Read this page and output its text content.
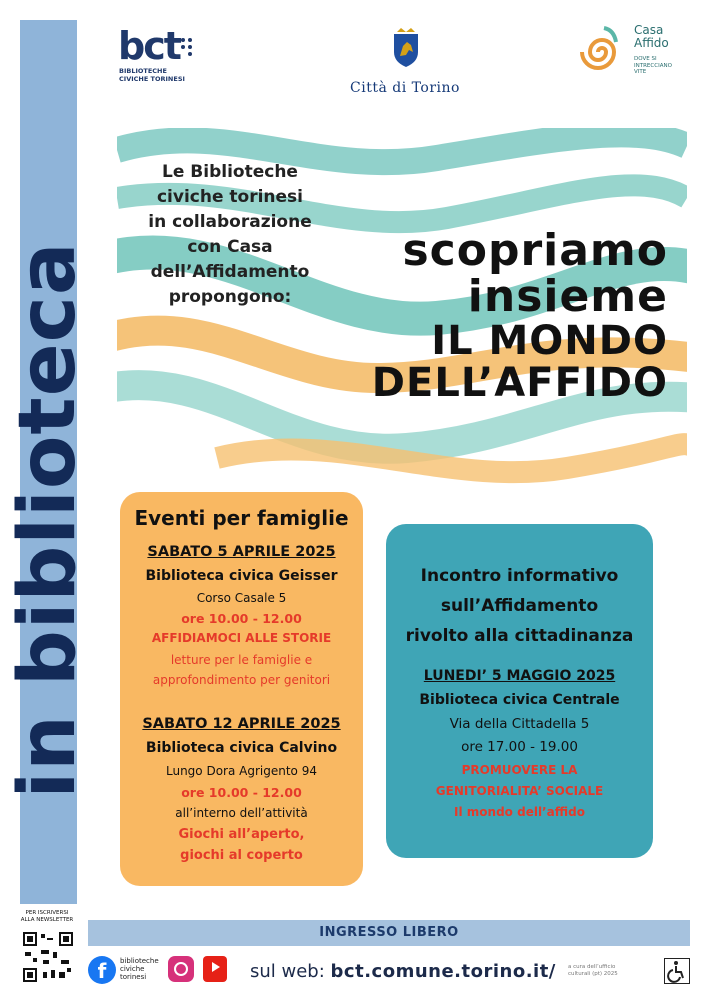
in biblioteca
bct
BIBLIOTECHE
CIVICHE TORINESI
Città di Torino
Casa
Affido
DOVE SI
INTRECCIANO
VITE
Le Biblioteche
civiche torinesi
in collaborazione
con Casa
dell’Affidamento
propongono:
scopriamo
insieme
IL MONDO
DELL’AFFIDO
Eventi per famiglie
SABATO 5 APRILE 2025
Biblioteca civica Geisser
Corso Casale 5
ore 10.00 - 12.00
AFFIDIAMOCI ALLE STORIE
letture per le famiglie e
approfondimento per genitori
SABATO 12 APRILE 2025
Biblioteca civica Calvino
Lungo Dora Agrigento 94
ore 10.00 - 12.00
all’interno dell’attività
Giochi all’aperto,
giochi al coperto
Incontro informativo
sull’Affidamento
rivolto alla cittadinanza
LUNEDI’ 5 MAGGIO 2025
Biblioteca civica Centrale
Via della Cittadella 5
ore 17.00 - 19.00
PROMUOVERE LA
GENITORIALITA’ SOCIALE
Il mondo dell’affido
INGRESSO LIBERO
PER ISCRIVERSI
ALLA NEWSLETTER
f	biblioteche
civiche
torinesi	sul web: bct.comune.torino.it/ a cura dell’ufficio
culturali (pt) 2025
